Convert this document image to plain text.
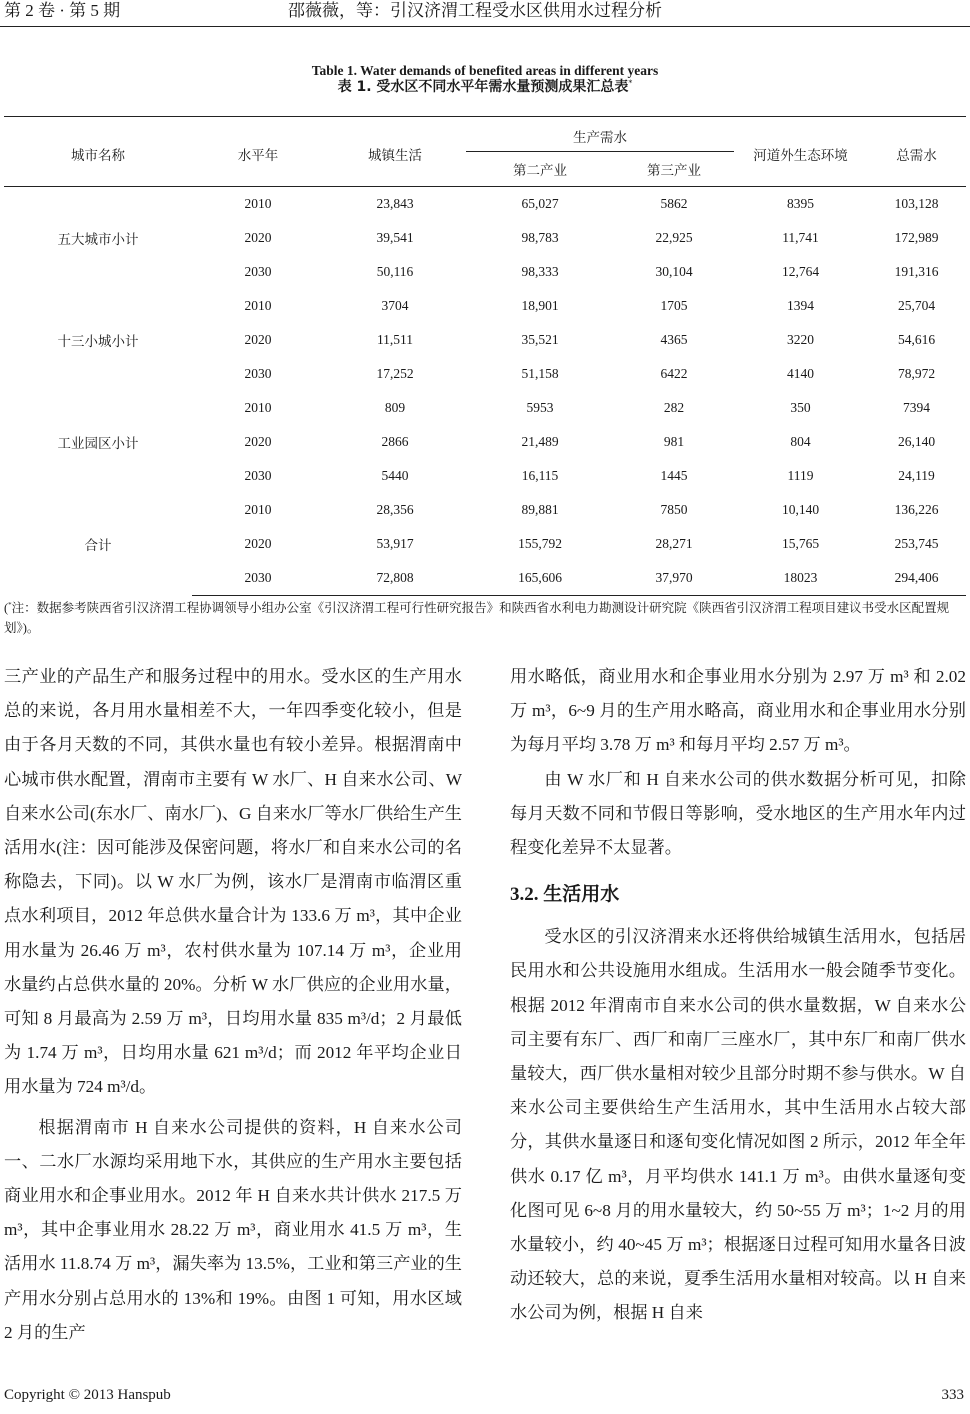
第 2 卷 · 第 5 期	邵薇薇，等：引汉济渭工程受水区供用水过程分析
Table 1. Water demands of benefited areas in different years
表 1. 受水区不同水平年需水量预测成果汇总表*
城市名称	水平年	城镇生活	生产需水		河道外生态环境	总需水
			第二产业	第三产业		
五大城市小计	2010	23,843	65,027	5862	8395	103,128
	2020	39,541	98,783	22,925	11,741	172,989
	2030	50,116	98,333	30,104	12,764	191,316
十三小城小计	2010	3704	18,901	1705	1394	25,704
	2020	11,511	35,521	4365	3220	54,616
	2030	17,252	51,158	6422	4140	78,972
工业园区小计	2010	809	5953	282	350	7394
	2020	2866	21,489	981	804	26,140
	2030	5440	16,115	1445	1119	24,119
合计	2010	28,356	89,881	7850	10,140	136,226
	2020	53,917	155,792	28,271	15,765	253,745
	2030	72,808	165,606	37,970	18023	294,406
(*注：数据参考陕西省引汉济渭工程协调领导小组办公室《引汉济渭工程可行性研究报告》和陕西省水利电力勘测设计研究院《陕西省引汉济渭工程项目建议书受水区配置规划》)。

三产业的产品生产和服务过程中的用水。受水区的生产用水总的来说，各月用水量相差不大，一年四季变化较小，但是由于各月天数的不同，其供水量也有较小差异。根据渭南中心城市供水配置，渭南市主要有 W 水厂、H 自来水公司、W 自来水公司(东水厂、南水厂)、G 自来水厂等水厂供给生产生活用水(注：因可能涉及保密问题，将水厂和自来水公司的名称隐去，下同)。以 W 水厂为例，该水厂是渭南市临渭区重点水利项目，2012 年总供水量合计为 133.6 万 m³，其中企业用水量为 26.46 万 m³，农村供水量为 107.14 万 m³，企业用水量约占总供水量的 20%。分析 W 水厂供应的企业用水量，可知 8 月最高为 2.59 万 m³，日均用水量 835 m³/d；2 月最低为 1.74 万 m³，日均用水量 621 m³/d；而 2012 年平均企业日用水量为 724 m³/d。

根据渭南市 H 自来水公司提供的资料，H 自来水公司一、二水厂水源均采用地下水，其供应的生产用水主要包括商业用水和企事业用水。2012 年 H 自来水共计供水 217.5 万 m³，其中企事业用水 28.22 万 m³，商业用水 41.5 万 m³，生活用水 11.8.74 万 m³，漏失率为 13.5%，工业和第三产业的生产用水分别占总用水的 13%和 19%。由图 1 可知，用水区域 2 月的生产

用水略低，商业用水和企事业用水分别为 2.97 万 m³ 和 2.02 万 m³，6~9 月的生产用水略高，商业用水和企事业用水分别为每月平均 3.78 万 m³ 和每月平均 2.57 万 m³。

由 W 水厂和 H 自来水公司的供水数据分析可见，扣除每月天数不同和节假日等影响，受水地区的生产用水年内过程变化差异不太显著。

3.2. 生活用水

受水区的引汉济渭来水还将供给城镇生活用水，包括居民用水和公共设施用水组成。生活用水一般会随季节变化。根据 2012 年渭南市自来水公司的供水量数据，W 自来水公司主要有东厂、西厂和南厂三座水厂，其中东厂和南厂供水量较大，西厂供水量相对较少且部分时期不参与供水。W 自来水公司主要供给生产生活用水，其中生活用水占较大部分，其供水量逐日和逐旬变化情况如图 2 所示，2012 年全年供水 0.17 亿 m³，月平均供水 141.1 万 m³。由供水量逐旬变化图可见 6~8 月的用水量较大，约 50~55 万 m³；1~2 月的用水量较小，约 40~45 万 m³；根据逐日过程可知用水量各日波动还较大，总的来说，夏季生活用水量相对较高。以 H 自来水公司为例，根据 H 自来

Copyright © 2013 Hanspub	333
